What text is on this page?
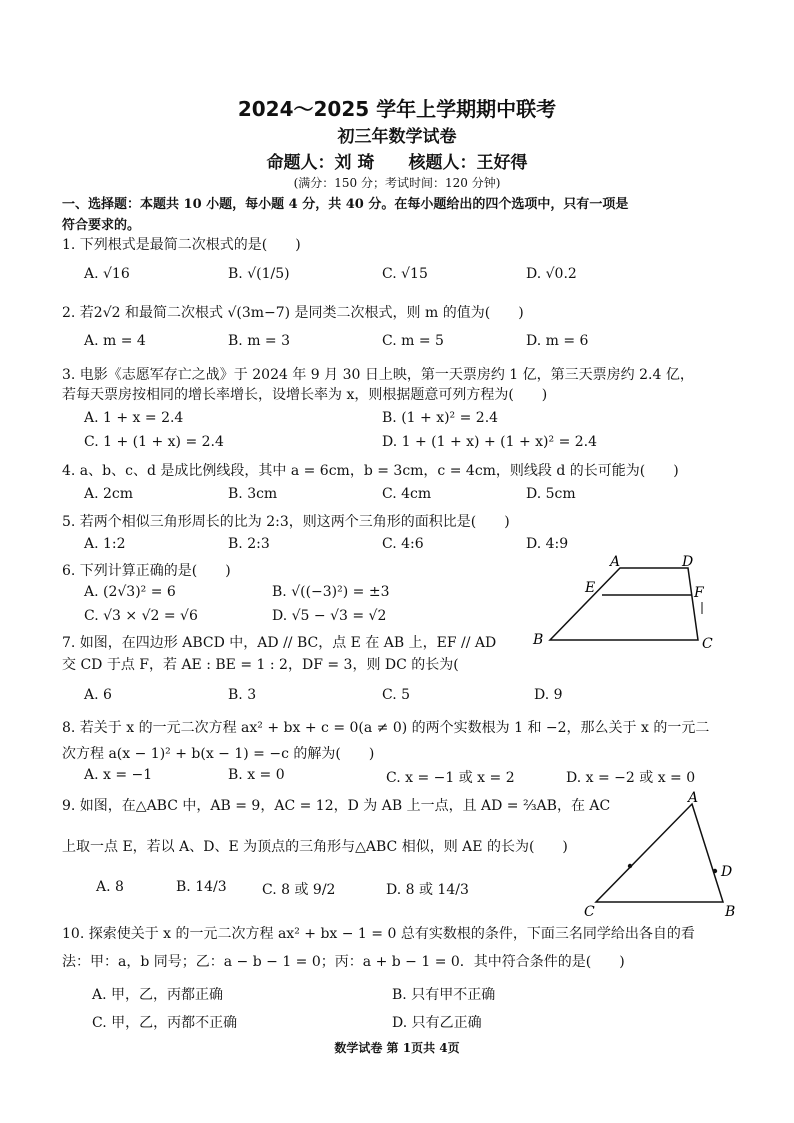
2024～2025 学年上学期期中联考
初三年数学试卷
命题人：刘 琦　　核题人：王好得
(满分：150 分；考试时间：120 分钟)
一、选择题：本题共 10 小题，每小题 4 分，共 40 分。在每小题给出的四个选项中，只有一项是
符合要求的。
1. 下列根式是最简二次根式的是(　　)
A. √16	B. √(1/5)	C. √15	D. √0.2
2. 若2√2 和最简二次根式 √(3m−7) 是同类二次根式，则 m 的值为(　　)
A. m = 4	B. m = 3	C. m = 5	D. m = 6
3. 电影《志愿军存亡之战》于 2024 年 9 月 30 日上映，第一天票房约 1 亿，第三天票房约 2.4 亿，
若每天票房按相同的增长率增长，设增长率为 x，则根据题意可列方程为(　　)
A. 1 + x = 2.4	B. (1 + x)² = 2.4
C. 1 + (1 + x) = 2.4	D. 1 + (1 + x) + (1 + x)² = 2.4
4. a、b、c、d 是成比例线段，其中 a = 6cm，b = 3cm，c = 4cm，则线段 d 的长可能为(　　)
A. 2cm	B. 3cm	C. 4cm	D. 5cm
5. 若两个相似三角形周长的比为 2:3，则这两个三角形的面积比是(　　)
A. 1:2	B. 2:3	C. 4:6	D. 4:9
6. 下列计算正确的是(　　)
A. (2√3)² = 6	B. √((−3)²) = ±3
C. √3 × √2 = √6	D. √5 − √3 = √2
A	D
E	F
B	C
7. 如图，在四边形 ABCD 中，AD // BC，点 E 在 AB 上，EF // AD
交 CD 于点 F，若 AE : BE = 1 : 2，DF = 3，则 DC 的长为(
A. 6	B. 3	C. 5	D. 9
8. 若关于 x 的一元二次方程 ax² + bx + c = 0(a ≠ 0) 的两个实数根为 1 和 −2，那么关于 x 的一元二
次方程 a(x − 1)² + b(x − 1) = −c 的解为(　　)
A. x = −1	B. x = 0	C. x = −1 或 x = 2	D. x = −2 或 x = 0
9. 如图，在△ABC 中，AB = 9，AC = 12，D 为 AB 上一点，且 AD = ⅔AB，在 AC
上取一点 E，若以 A、D、E 为顶点的三角形与△ABC 相似，则 AE 的长为(　　)
A. 8	B. 14/3	C. 8 或 9/2	D. 8 或 14/3
A
D
C	B
10. 探索使关于 x 的一元二次方程 ax² + bx − 1 = 0 总有实数根的条件，下面三名同学给出各自的看
法：甲：a，b 同号；乙：a − b − 1 = 0；丙：a + b − 1 = 0．其中符合条件的是(　　)
A. 甲，乙，丙都正确	B. 只有甲不正确
C. 甲，乙，丙都不正确	D. 只有乙正确
数学试卷 第 1页共 4页
